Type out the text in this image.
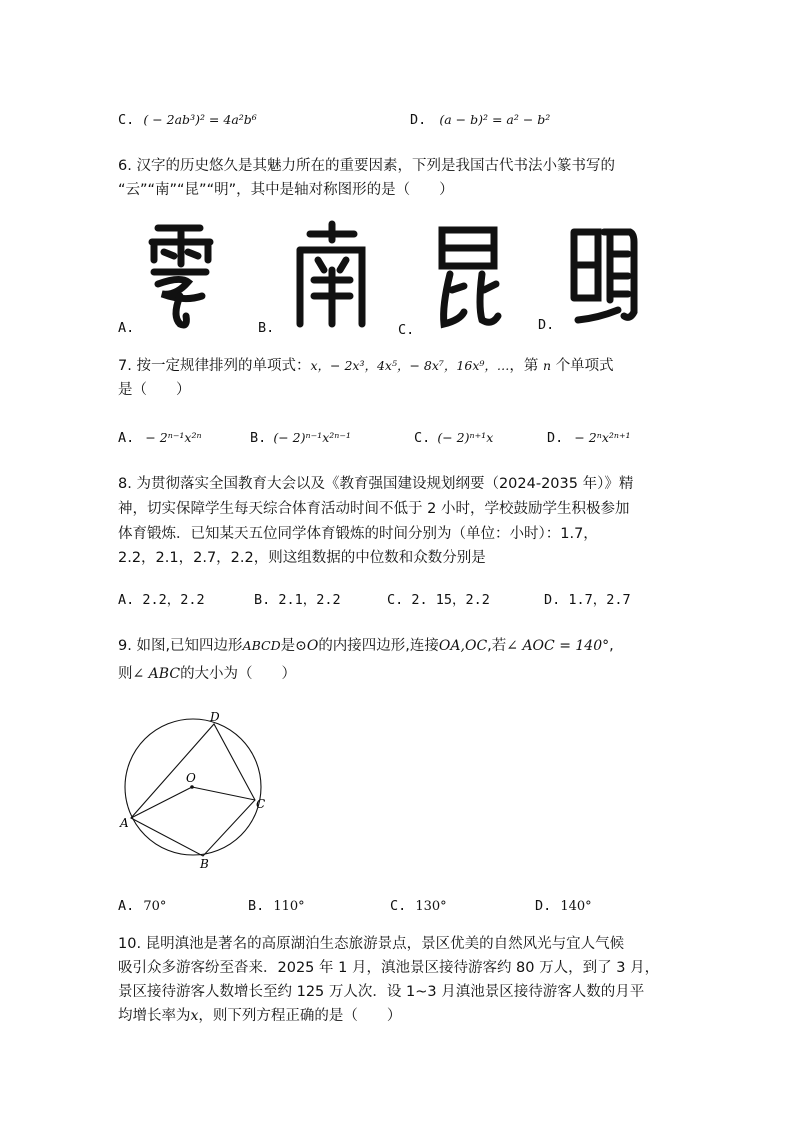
C. ( − 2ab³)² = 4a²b⁶	D. (a − b)² = a² − b²
6. 汉字的历史悠久是其魅力所在的重要因素，下列是我国古代书法小篆书写的
“云”“南”“昆”“明”，其中是轴对称图形的是（　　）
A.	B.	C.	D.
7. 按一定规律排列的单项式：x，− 2x³，4x⁵，− 8x⁷，16x⁹，…，第 n 个单项式
是（　　）
A. − 2ⁿ⁻¹x²ⁿ	B. (− 2)ⁿ⁻¹x²ⁿ⁻¹	C. (− 2)ⁿ⁺¹x	D. − 2ⁿx²ⁿ⁺¹
8. 为贯彻落实全国教育大会以及《教育强国建设规划纲要（2024-2035 年）》精
神，切实保障学生每天综合体育活动时间不低于 2 小时，学校鼓励学生积极参加
体育锻炼．已知某天五位同学体育锻炼的时间分别为（单位：小时）：1.7，
2.2，2.1，2.7，2.2，则这组数据的中位数和众数分别是
A. 2.2，2.2	B. 2.1，2.2	C. 2. 15，2.2	D. 1.7，2.7
9. 如图,已知四边形ABCD是⊙O的内接四边形,连接OA,OC,若∠ AOC = 140°,
则∠ ABC的大小为（　　）
D
O
C
A
B
A. 70°	B. 110°	C. 130°	D. 140°
10. 昆明滇池是著名的高原湖泊生态旅游景点，景区优美的自然风光与宜人气候
吸引众多游客纷至沓来．2025 年 1 月，滇池景区接待游客约 80 万人，到了 3 月，
景区接待游客人数增长至约 125 万人次．设 1~3 月滇池景区接待游客人数的月平
均增长率为x，则下列方程正确的是（　　）
